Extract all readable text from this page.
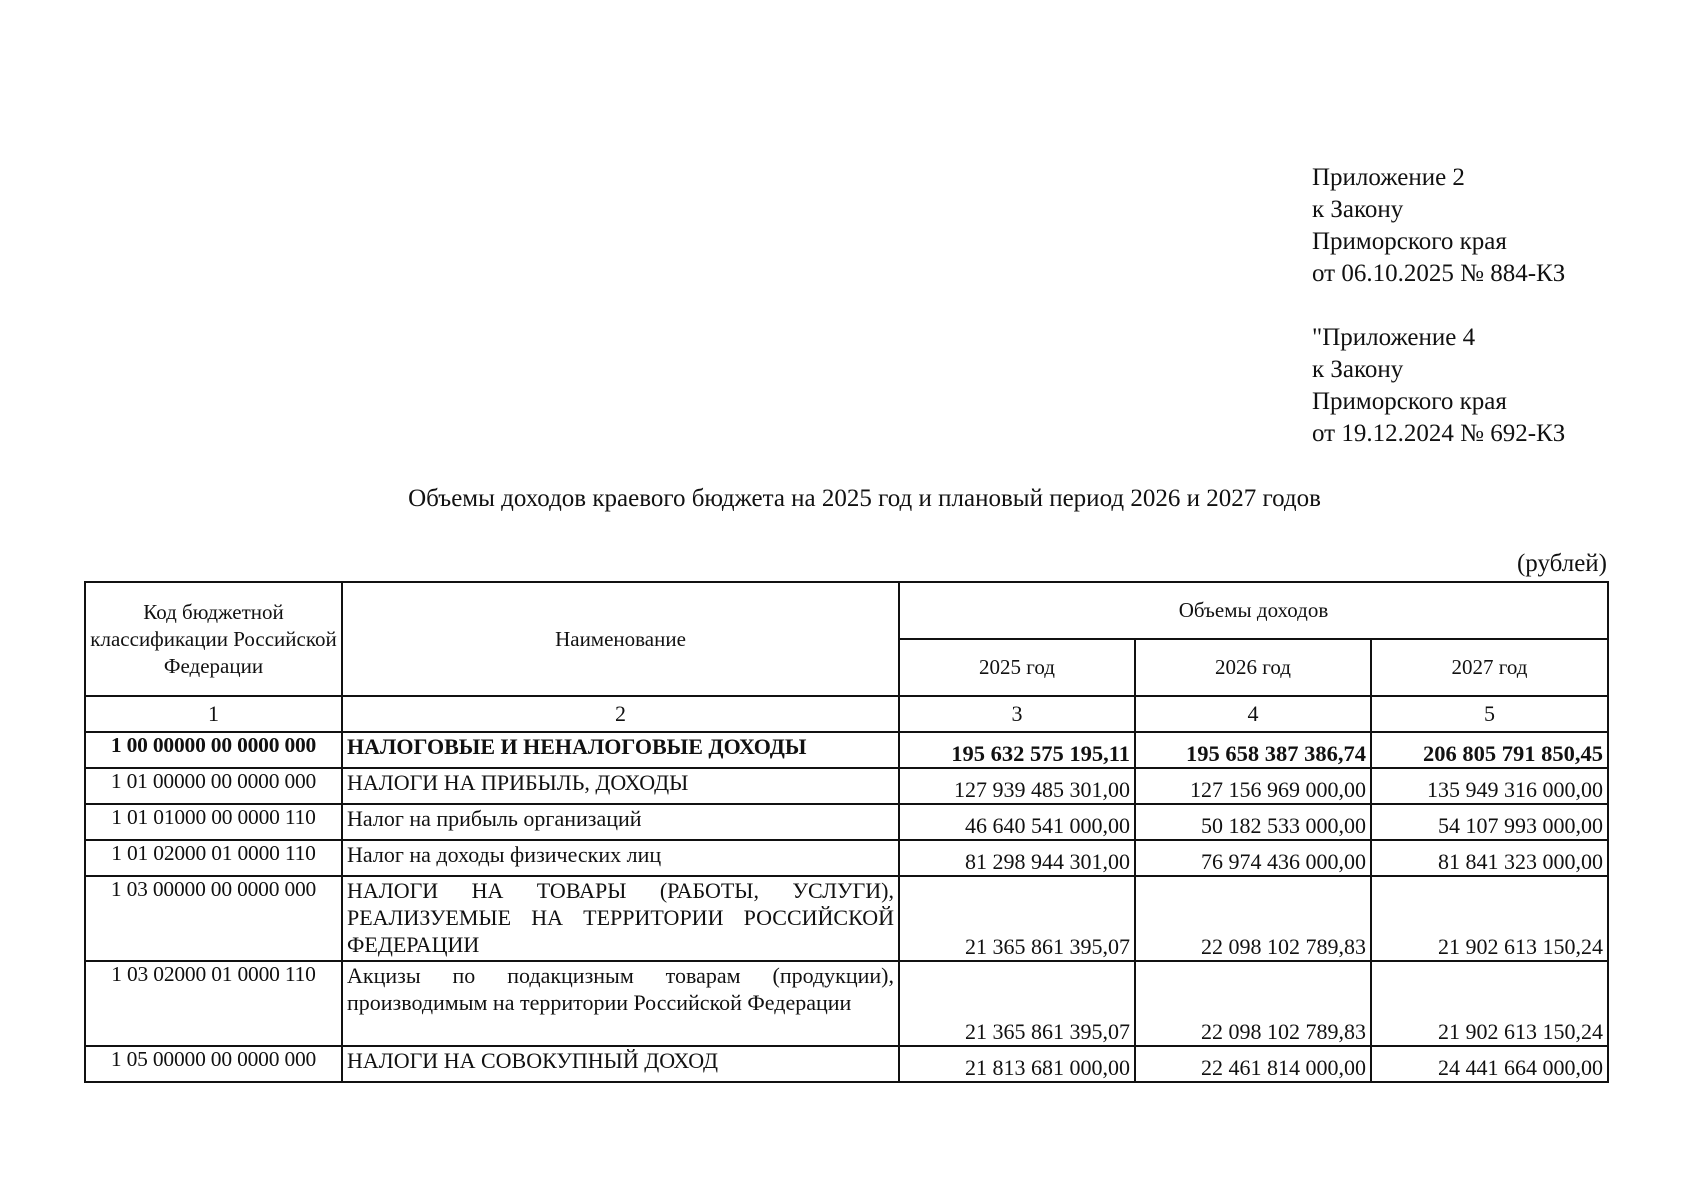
Приложение 2
к Закону
Приморского края
от 06.10.2025 № 884-КЗ
"Приложение 4
к Закону
Приморского края
от 19.12.2024 № 692-КЗ
Объемы доходов краевого бюджета на 2025 год и плановый период 2026 и 2027 годов
(рублей)
Код бюджетной классификации Российской Федерации	Наименование	Объемы доходов		
		2025 год	2026 год	2027 год
1	2	3	4	5
1 00 00000 00 0000 000	НАЛОГОВЫЕ И НЕНАЛОГОВЫЕ ДОХОДЫ	195 632 575 195,11	195 658 387 386,74	206 805 791 850,45
1 01 00000 00 0000 000	НАЛОГИ НА ПРИБЫЛЬ, ДОХОДЫ	127 939 485 301,00	127 156 969 000,00	135 949 316 000,00
1 01 01000 00 0000 110	Налог на прибыль организаций	46 640 541 000,00	50 182 533 000,00	54 107 993 000,00
1 01 02000 01 0000 110	Налог на доходы физических лиц	81 298 944 301,00	76 974 436 000,00	81 841 323 000,00
1 03 00000 00 0000 000	НАЛОГИ НА ТОВАРЫ (РАБОТЫ, УСЛУГИ), РЕАЛИЗУЕМЫЕ НА ТЕРРИТОРИИ РОССИЙСКОЙ ФЕДЕРАЦИИ	21 365 861 395,07	22 098 102 789,83	21 902 613 150,24
1 03 02000 01 0000 110	Акцизы по подакцизным товарам (продукции), производимым на территории Российской Федерации	21 365 861 395,07	22 098 102 789,83	21 902 613 150,24
1 05 00000 00 0000 000	НАЛОГИ НА СОВОКУПНЫЙ ДОХОД	21 813 681 000,00	22 461 814 000,00	24 441 664 000,00
